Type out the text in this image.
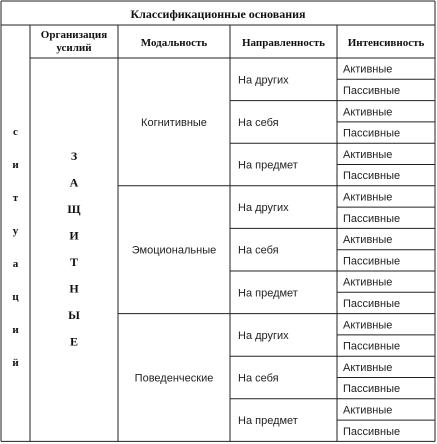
Классификационные основания
Организация
усилий	Модальность	Направленность Интенсивность
с
и
т
у
а
ц
и
й
З
А
Щ
И
Т
Н
Ы
Е
Когнитивные
На других
Активные
Пассивные
На себя
Активные
Пассивные
На предмет
Активные
Пассивные
Эмоциональные
На других
Активные
Пассивные
На себя
Активные
Пассивные
На предмет
Активные
Пассивные
Поведенческие
На других
Активные
Пассивные
На себя
Активные
Пассивные
На предмет
Активные
Пассивные
